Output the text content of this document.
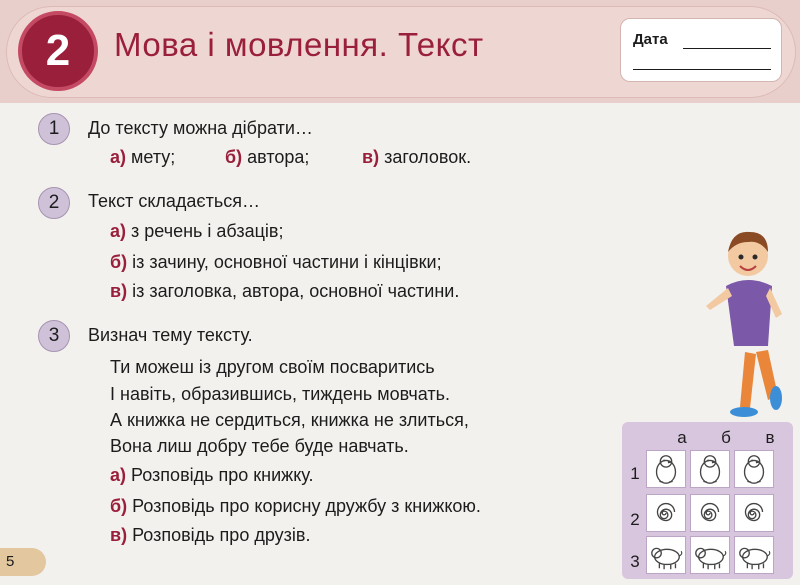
2	Мова і мовлення. Текст	Дата
1	До тексту можна дібрати…
а) мету;	б) автора;	в) заголовок.
2	Текст складається…
а) з речень і абзаців;
б) із зачину, основної частини і кінцівки;
в) із заголовка, автора, основної частини.
3	Визнач тему тексту.
Ти можеш із другом своїм посваритись
І навіть, образившись, тиждень мовчать.
А книжка не сердиться, книжка не злиться,
Вона лиш добру тебе буде навчать.
а) Розповідь про книжку.
б) Розповідь про корисну дружбу з книжкою.
в) Розповідь про друзів.
а	б	в
1
2
3
5
